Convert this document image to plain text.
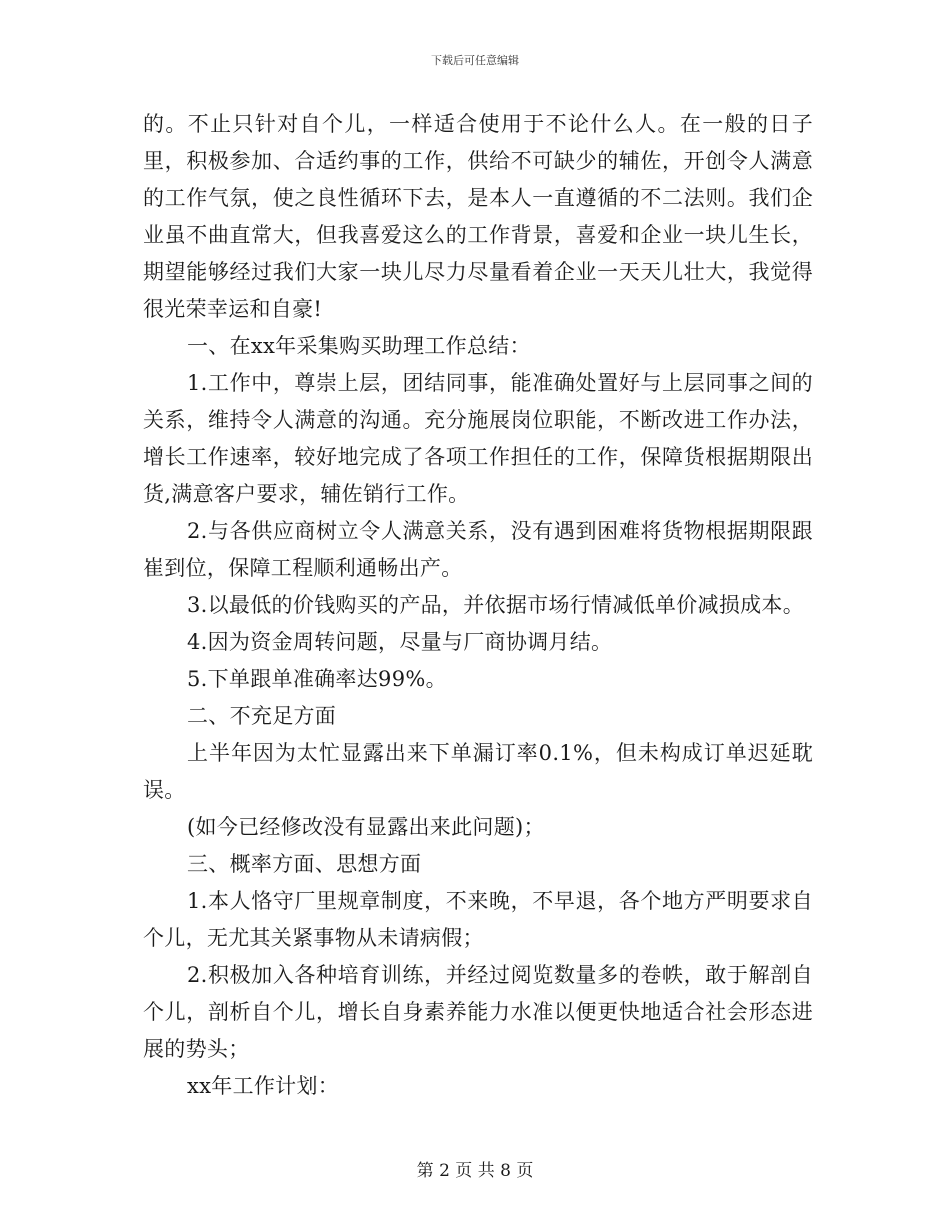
下载后可任意编辑

的。不止只针对自个儿，一样适合使用于不论什么人。在一般的日子里，积极参加、合适约事的工作，供给不可缺少的辅佐，开创令人满意的工作气氛，使之良性循环下去，是本人一直遵循的不二法则。我们企业虽不曲直常大，但我喜爱这么的工作背景，喜爱和企业一块儿生长，期望能够经过我们大家一块儿尽力尽量看着企业一天天儿壮大，我觉得很光荣幸运和自豪!

一、在xx年采集购买助理工作总结：

1.工作中，尊崇上层，团结同事，能准确处置好与上层同事之间的关系，维持令人满意的沟通。充分施展岗位职能，不断改进工作办法，增长工作速率，较好地完成了各项工作担任的工作，保障货根据期限出货,满意客户要求，辅佐销行工作。

2.与各供应商树立令人满意关系，没有遇到困难将货物根据期限跟崔到位，保障工程顺利通畅出产。

3.以最低的价钱购买的产品，并依据市场行情减低单价减损成本。

4.因为资金周转问题，尽量与厂商协调月结。

5.下单跟单准确率达99%。

二、不充足方面

上半年因为太忙显露出来下单漏订率0.1%，但未构成订单迟延耽误。

(如今已经修改没有显露出来此问题)；

三、概率方面、思想方面

1.本人恪守厂里规章制度，不来晚，不早退，各个地方严明要求自个儿，无尤其关紧事物从未请病假；

2.积极加入各种培育训练，并经过阅览数量多的卷帙，敢于解剖自个儿，剖析自个儿，增长自身素养能力水准以便更快地适合社会形态进展的势头；

xx年工作计划：

第 2 页 共 8 页
